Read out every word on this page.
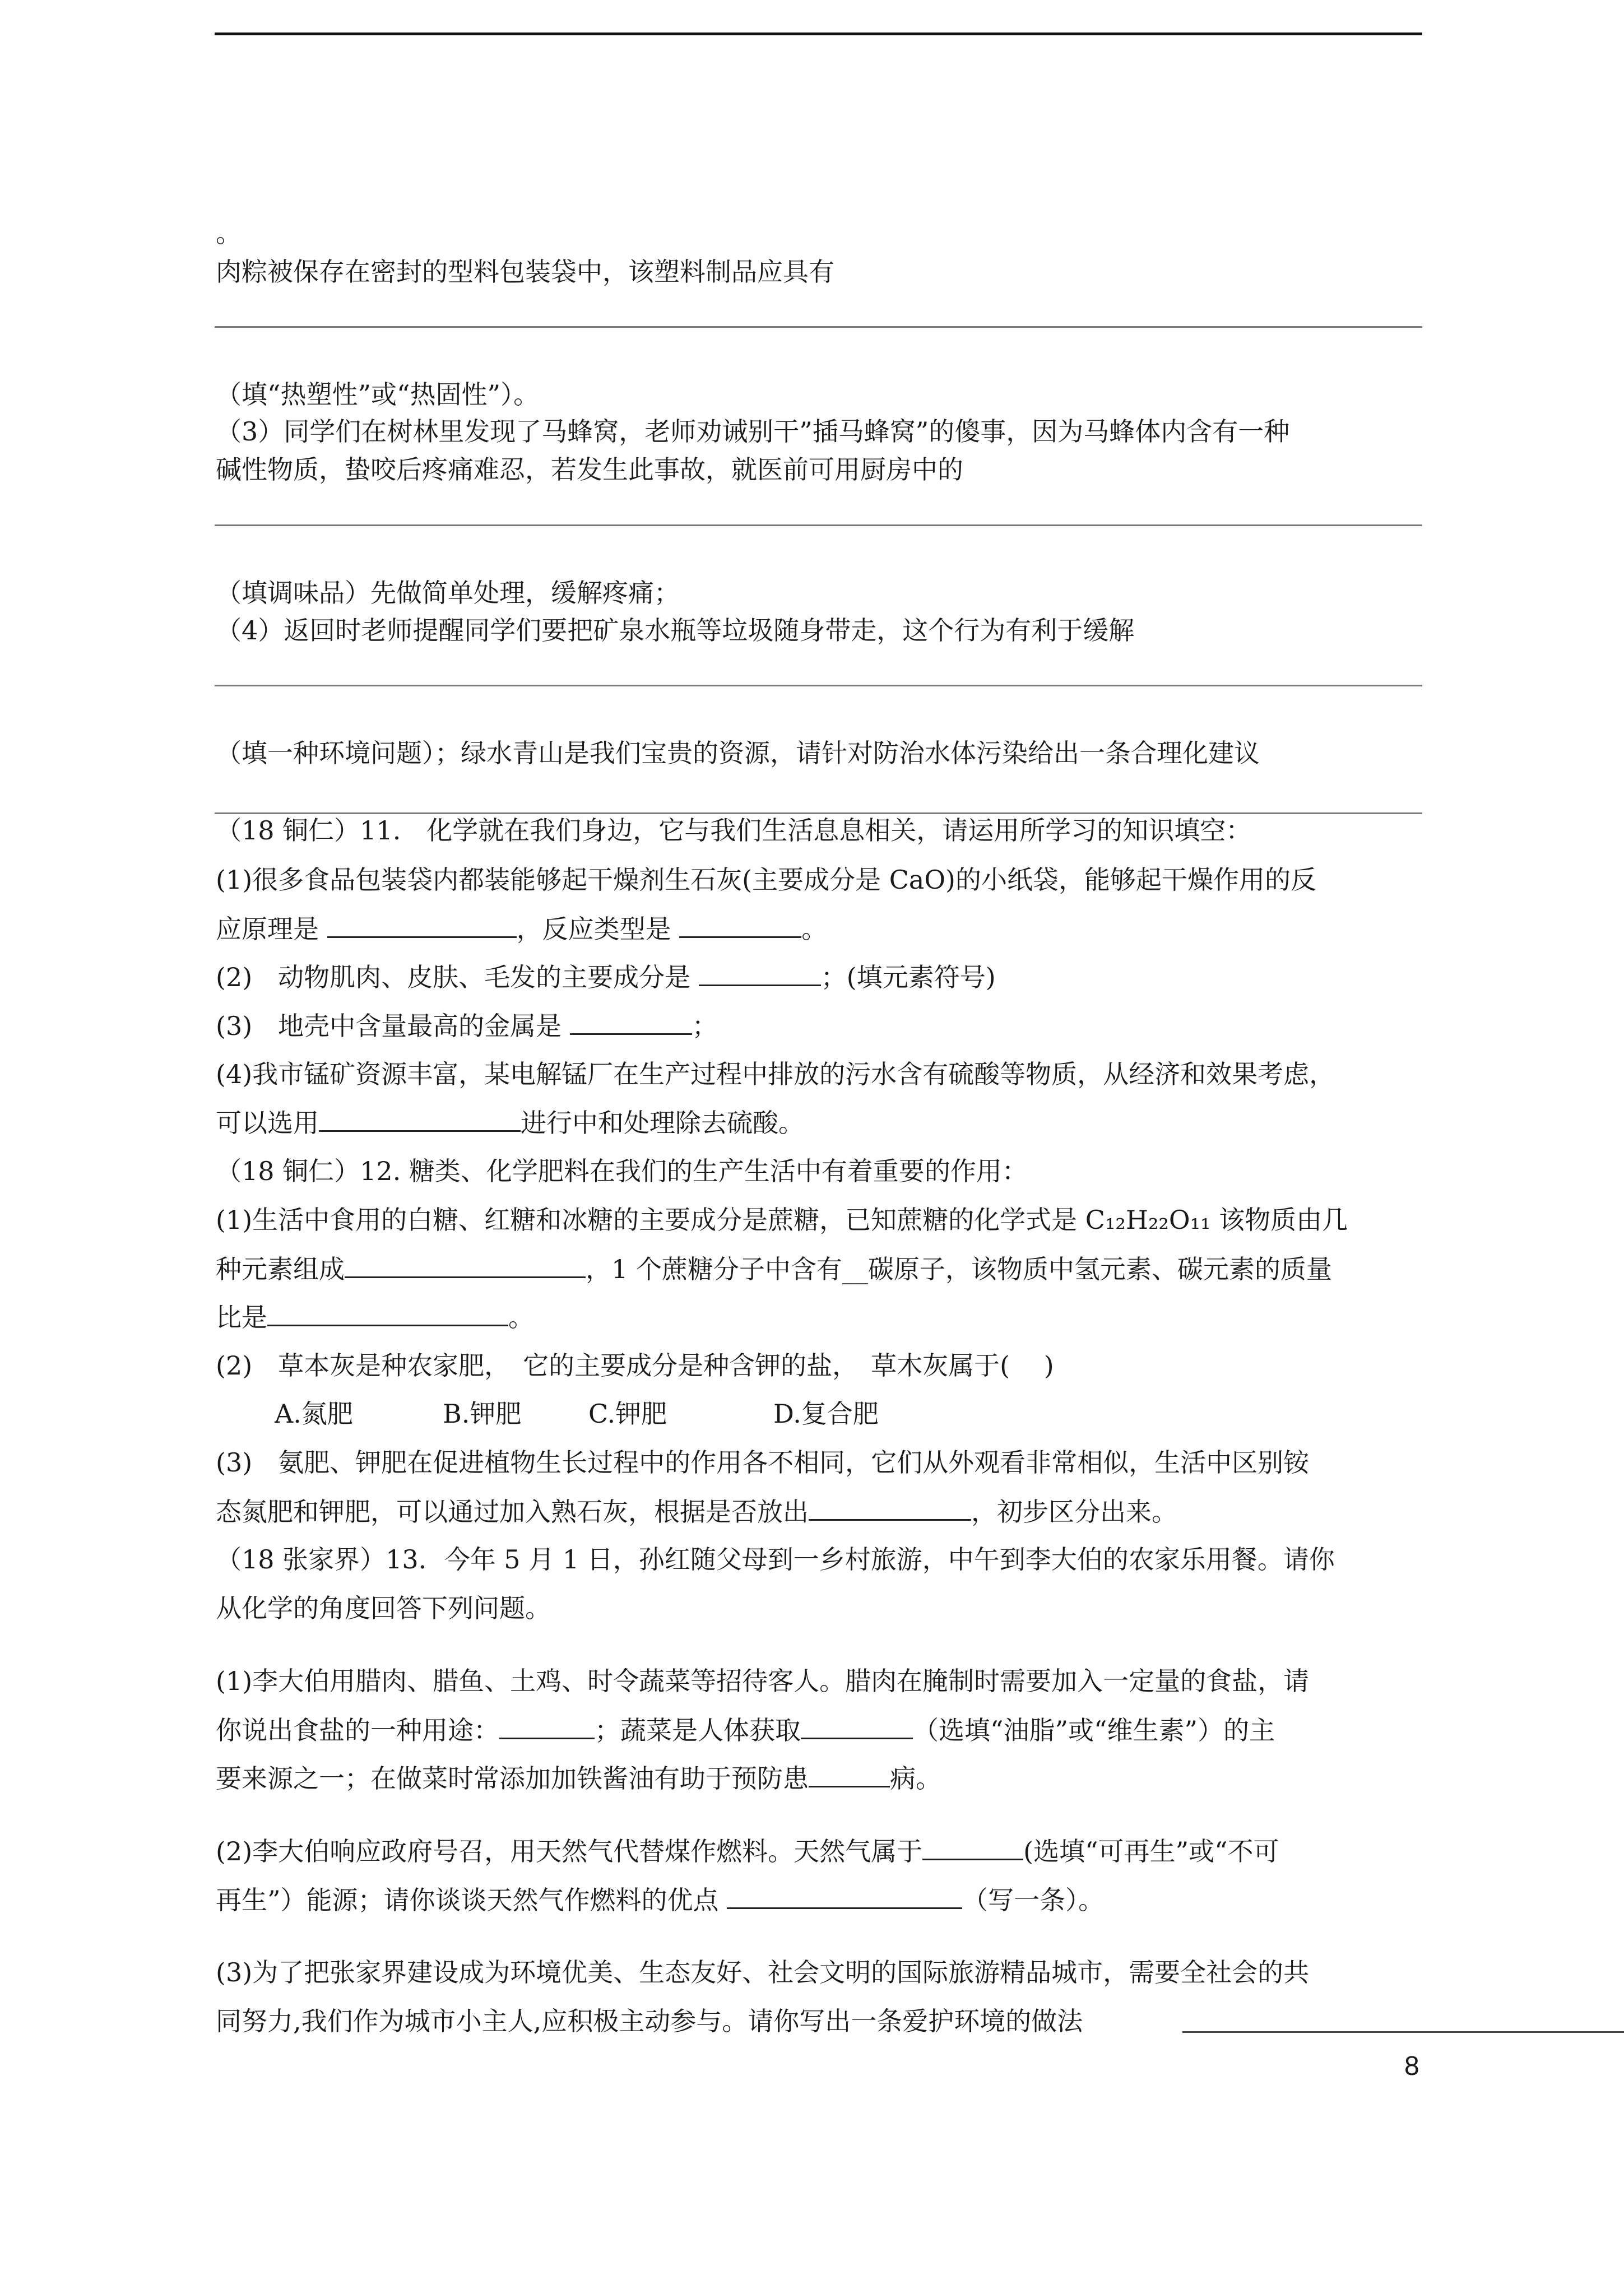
。
肉粽被保存在密封的型料包装袋中，该塑料制品应具有
（填“热塑性”或“热固性”）。
（3）同学们在树林里发现了马蜂窝，老师劝诫别干”插马蜂窝”的傻事，因为马蜂体内含有一种
碱性物质，蛰咬后疼痛难忍，若发生此事故，就医前可用厨房中的
（填调味品）先做简单处理，缓解疼痛；
（4）返回时老师提醒同学们要把矿泉水瓶等垃圾随身带走，这个行为有利于缓解
（填一种环境问题）；绿水青山是我们宝贵的资源，请针对防治水体污染给出一条合理化建议
（18 铜仁）11.　化学就在我们身边，它与我们生活息息相关，请运用所学习的知识填空：
(1)很多食品包装袋内都装能够起干燥剂生石灰(主要成分是 CaO)的小纸袋，能够起干燥作用的反
应原理是	，反应类型是	。
(2)　动物肌肉、皮肤、毛发的主要成分是	；(填元素符号)
(3)　地壳中含量最高的金属是	；
(4)我市锰矿资源丰富，某电解锰厂在生产过程中排放的污水含有硫酸等物质，从经济和效果考虑，
可以选用	进行中和处理除去硫酸。
（18 铜仁）12. 糖类、化学肥料在我们的生产生活中有着重要的作用：
(1)生活中食用的白糖、红糖和冰糖的主要成分是蔗糖，已知蔗糖的化学式是 C₁₂H₂₂O₁₁ 该物质由几
种元素组成	，1 个蔗糖分子中含有__碳原子，该物质中氢元素、碳元素的质量
比是	。
(2)　草本灰是种农家肥，　它的主要成分是种含钾的盐，　草木灰属于(　 )
A.氮肥	B.钾肥	C.钾肥	D.复合肥
(3)　氨肥、钾肥在促进植物生长过程中的作用各不相同，它们从外观看非常相似，生活中区别铵
态氮肥和钾肥，可以通过加入熟石灰，根据是否放出	，初步区分出来。
（18 张家界）13．今年 5 月 1 日，孙红随父母到一乡村旅游，中午到李大伯的农家乐用餐。请你
从化学的角度回答下列问题。
(1)李大伯用腊肉、腊鱼、土鸡、时令蔬菜等招待客人。腊肉在腌制时需要加入一定量的食盐，请
你说出食盐的一种用途：	；蔬菜是人体获取	（选填“油脂”或“维生素”）的主
要来源之一；在做菜时常添加加铁酱油有助于预防患	病。
(2)李大伯响应政府号召，用天然气代替煤作燃料。天然气属于	(选填“可再生”或“不可
再生”）能源；请你谈谈天然气作燃料的优点	（写一条）。
(3)为了把张家界建设成为环境优美、生态友好、社会文明的国际旅游精品城市，需要全社会的共
同努力,我们作为城市小主人,应积极主动参与。请你写出一条爱护环境的做法
8
